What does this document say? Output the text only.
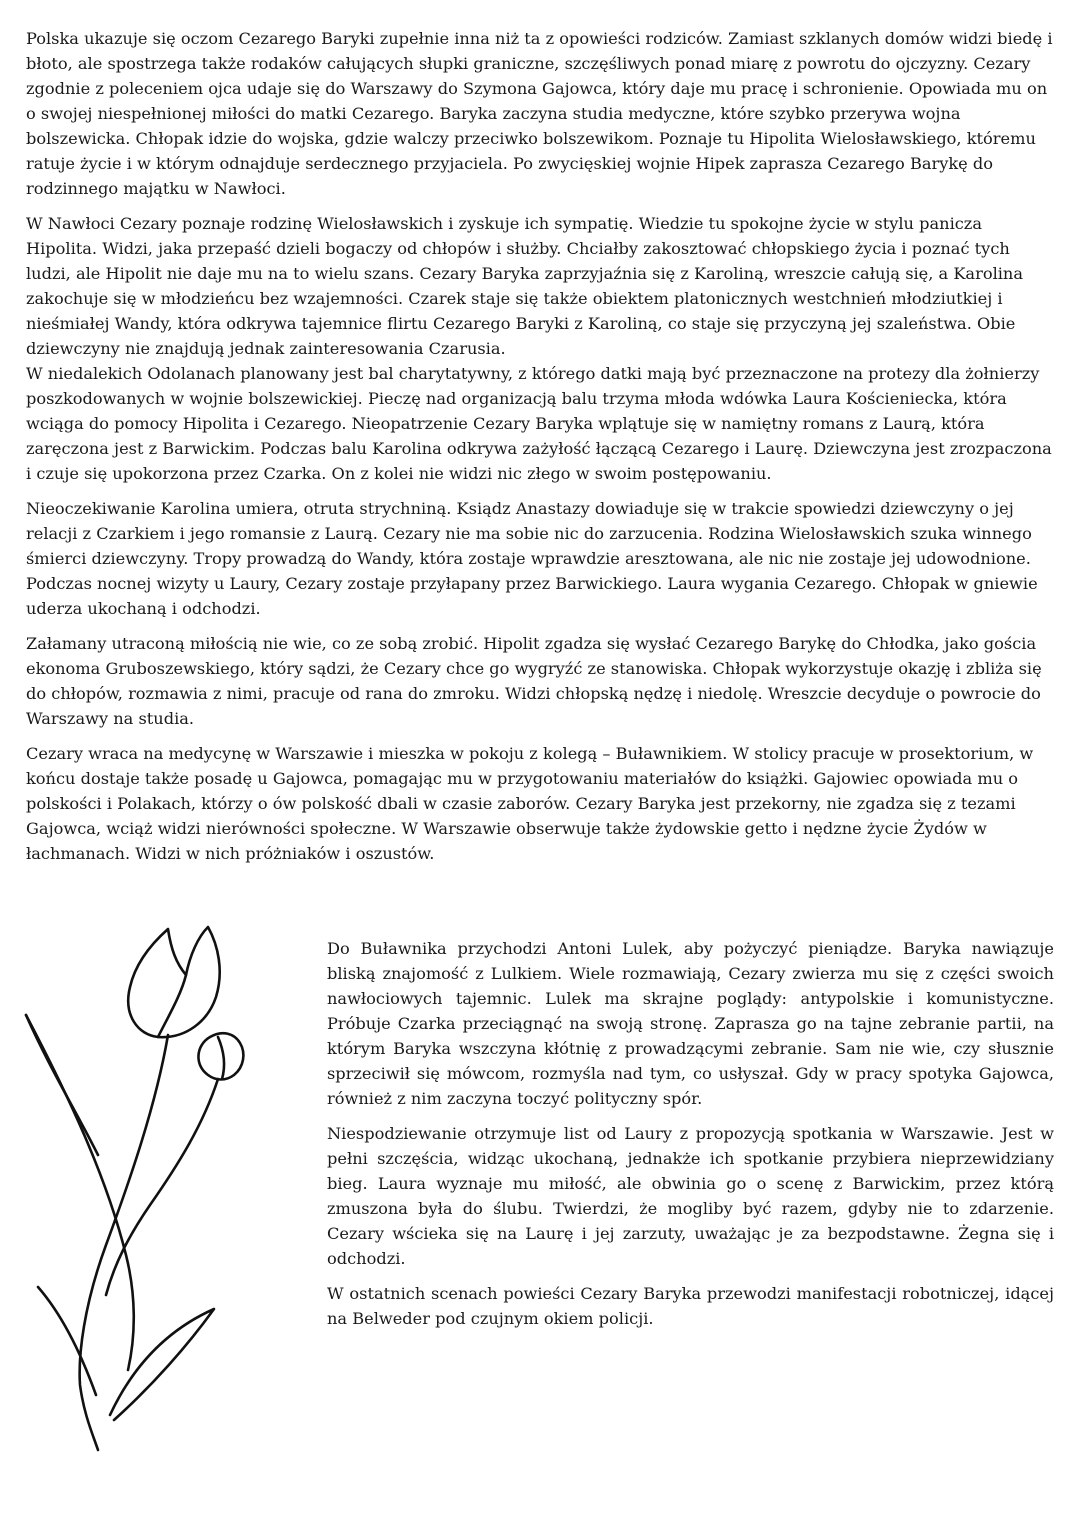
Polska ukazuje się oczom Cezarego Baryki zupełnie inna niż ta z opowieści rodziców. Zamiast szklanych domów widzi biedę i błoto, ale spostrzega także rodaków całujących słupki graniczne, szczęśliwych ponad miarę z powrotu do ojczyzny. Cezary zgodnie z poleceniem ojca udaje się do Warszawy do Szymona Gajowca, który daje mu pracę i schronienie. Opowiada mu on o swojej niespełnionej miłości do matki Cezarego. Baryka zaczyna studia medyczne, które szybko przerywa wojna bolszewicka. Chłopak idzie do wojska, gdzie walczy przeciwko bolszewikom. Poznaje tu Hipolita Wielosławskiego, któremu ratuje życie i w którym odnajduje serdecznego przyjaciela. Po zwycięskiej wojnie Hipek zaprasza Cezarego Barykę do rodzinnego majątku w Nawłoci.

W Nawłoci Cezary poznaje rodzinę Wielosławskich i zyskuje ich sympatię. Wiedzie tu spokojne życie w stylu panicza Hipolita. Widzi, jaka przepaść dzieli bogaczy od chłopów i służby. Chciałby zakosztować chłopskiego życia i poznać tych ludzi, ale Hipolit nie daje mu na to wielu szans. Cezary Baryka zaprzyjaźnia się z Karoliną, wreszcie całują się, a Karolina zakochuje się w młodzieńcu bez wzajemności. Czarek staje się także obiektem platonicznych westchnień młodziutkiej i nieśmiałej Wandy, która odkrywa tajemnice flirtu Cezarego Baryki z Karoliną, co staje się przyczyną jej szaleństwa. Obie dziewczyny nie znajdują jednak zainteresowania Czarusia.

W niedalekich Odolanach planowany jest bal charytatywny, z którego datki mają być przeznaczone na protezy dla żołnierzy poszkodowanych w wojnie bolszewickiej. Pieczę nad organizacją balu trzyma młoda wdówka Laura Kościeniecka, która wciąga do pomocy Hipolita i Cezarego. Nieopatrzenie Cezary Baryka wplątuje się w namiętny romans z Laurą, która zaręczona jest z Barwickim. Podczas balu Karolina odkrywa zażyłość łączącą Cezarego i Laurę. Dziewczyna jest zrozpaczona i czuje się upokorzona przez Czarka. On z kolei nie widzi nic złego w swoim postępowaniu.

Nieoczekiwanie Karolina umiera, otruta strychniną. Ksiądz Anastazy dowiaduje się w trakcie spowiedzi dziewczyny o jej relacji z Czarkiem i jego romansie z Laurą. Cezary nie ma sobie nic do zarzucenia. Rodzina Wielosławskich szuka winnego śmierci dziewczyny. Tropy prowadzą do Wandy, która zostaje wprawdzie aresztowana, ale nic nie zostaje jej udowodnione. Podczas nocnej wizyty u Laury, Cezary zostaje przyłapany przez Barwickiego. Laura wygania Cezarego. Chłopak w gniewie uderza ukochaną i odchodzi.

Załamany utraconą miłością nie wie, co ze sobą zrobić. Hipolit zgadza się wysłać Cezarego Barykę do Chłodka, jako gościa ekonoma Gruboszewskiego, który sądzi, że Cezary chce go wygryźć ze stanowiska. Chłopak wykorzystuje okazję i zbliża się do chłopów, rozmawia z nimi, pracuje od rana do zmroku. Widzi chłopską nędzę i niedolę. Wreszcie decyduje o powrocie do Warszawy na studia.

Cezary wraca na medycynę w Warszawie i mieszka w pokoju z kolegą – Buławnikiem. W stolicy pracuje w prosektorium, w końcu dostaje także posadę u Gajowca, pomagając mu w przygotowaniu materiałów do książki. Gajowiec opowiada mu o polskości i Polakach, którzy o ów polskość dbali w czasie zaborów. Cezary Baryka jest przekorny, nie zgadza się z tezami Gajowca, wciąż widzi nierówności społeczne. W Warszawie obserwuje także żydowskie getto i nędzne życie Żydów w łachmanach. Widzi w nich próżniaków i oszustów.

Do Buławnika przychodzi Antoni Lulek, aby pożyczyć pieniądze. Baryka nawiązuje bliską znajomość z Lulkiem. Wiele rozmawiają, Cezary zwierza mu się z części swoich nawłociowych tajemnic. Lulek ma skrajne poglądy: antypolskie i komunistyczne. Próbuje Czarka przeciągnąć na swoją stronę. Zaprasza go na tajne zebranie partii, na którym Baryka wszczyna kłótnię z prowadzącymi zebranie. Sam nie wie, czy słusznie sprzeciwił się mówcom, rozmyśla nad tym, co usłyszał. Gdy w pracy spotyka Gajowca, również z nim zaczyna toczyć polityczny spór.

Niespodziewanie otrzymuje list od Laury z propozycją spotkania w Warszawie. Jest w pełni szczęścia, widząc ukochaną, jednakże ich spotkanie przybiera nieprzewidziany bieg. Laura wyznaje mu miłość, ale obwinia go o scenę z Barwickim, przez którą zmuszona była do ślubu. Twierdzi, że mogliby być razem, gdyby nie to zdarzenie. Cezary wścieka się na Laurę i jej zarzuty, uważając je za bezpodstawne. Żegna się i odchodzi.

W ostatnich scenach powieści Cezary Baryka przewodzi manifestacji robotniczej, idącej na Belweder pod czujnym okiem policji.
